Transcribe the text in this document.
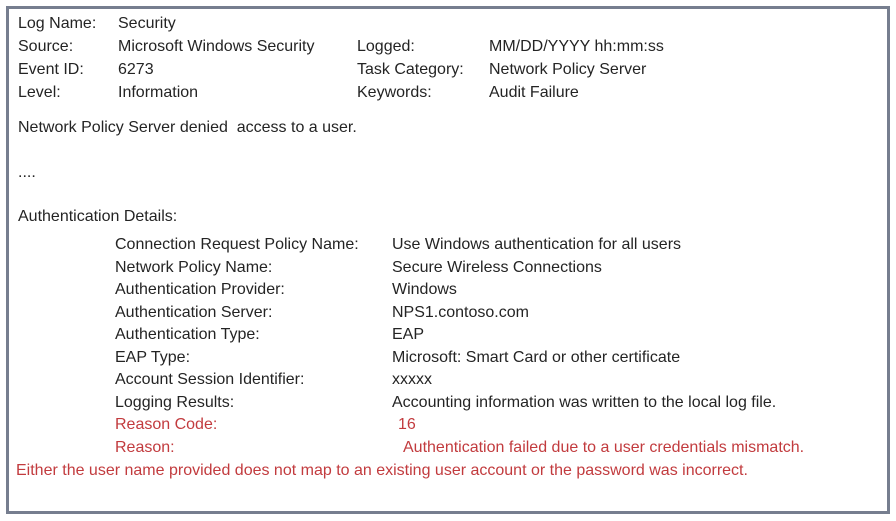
Log Name:	Security
Source:	Microsoft Windows Security	Logged:	MM/DD/YYYY hh:mm:ss
Event ID:	6273	Task Category:	Network Policy Server
Level:	Information	Keywords:	Audit Failure

Network Policy Server denied  access to a user.

....

Authentication Details:

Connection Request Policy Name:	Use Windows authentication for all users
Network Policy Name:	Secure Wireless Connections
Authentication Provider:	Windows
Authentication Server:	NPS1.contoso.com
Authentication Type:	EAP
EAP Type:	Microsoft: Smart Card or other certificate
Account Session Identifier:	xxxxx
Logging Results:	Accounting information was written to the local log file.
Reason Code:	16
Reason:	Authentication failed due to a user credentials mismatch.

Either the user name provided does not map to an existing user account or the password was incorrect.
